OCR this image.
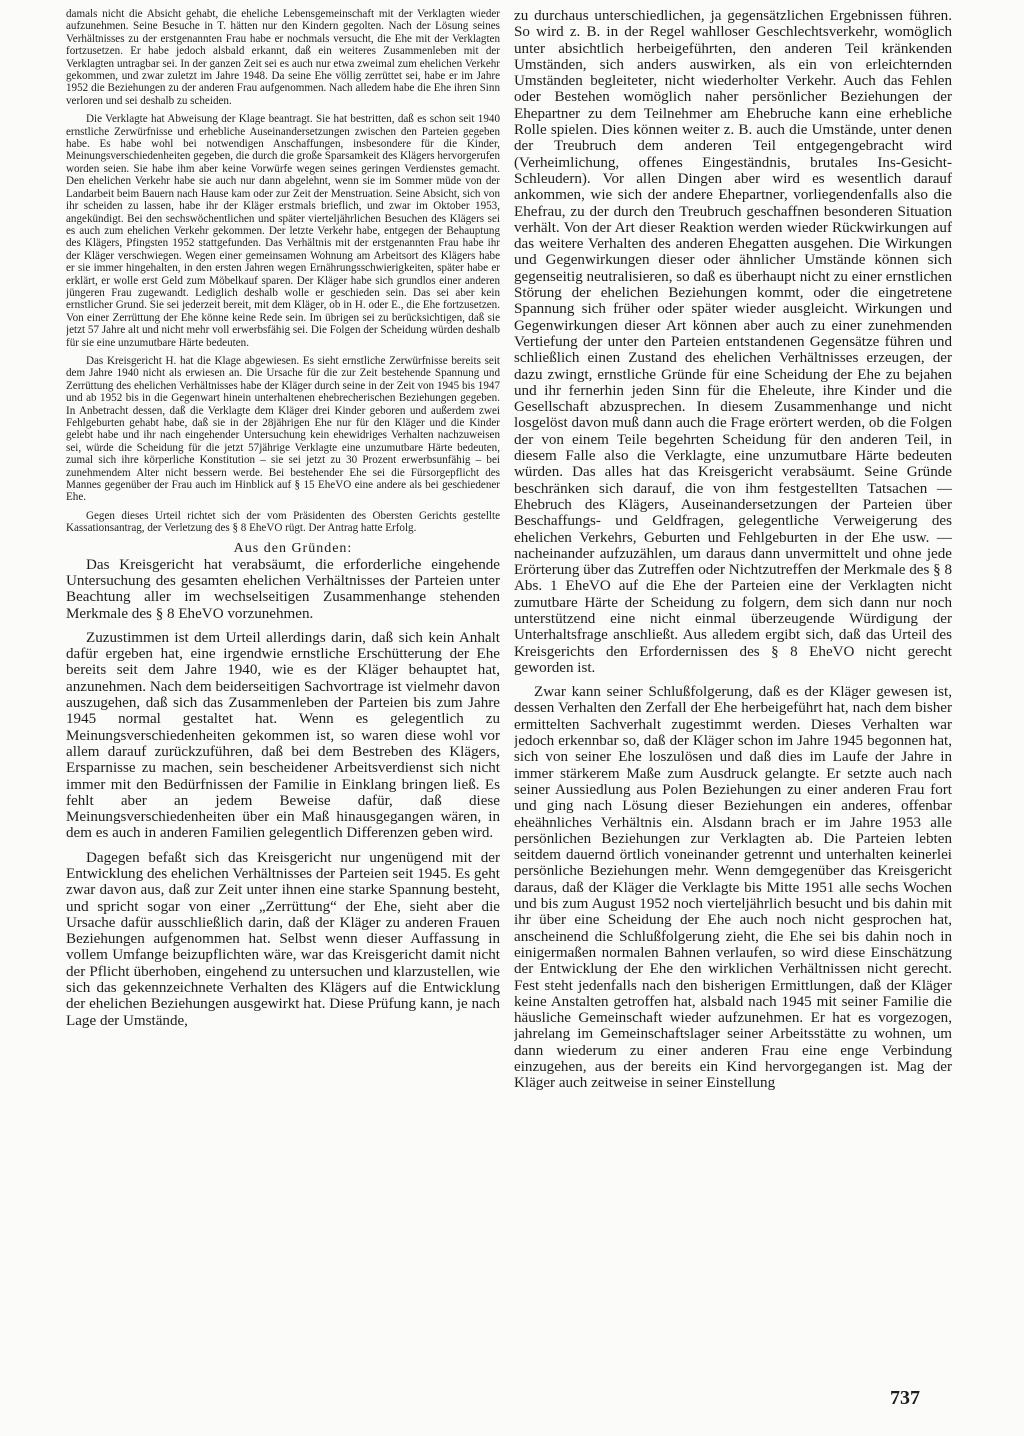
damals nicht die Absicht gehabt, die eheliche Lebensgemeinschaft mit der Verklagten wieder aufzunehmen. Seine Besuche in T. hätten nur den Kindern gegolten. Nach der Lösung seines Verhältnisses zu der erstgenannten Frau habe er nochmals versucht, die Ehe mit der Verklagten fortzusetzen. Er habe jedoch alsbald erkannt, daß ein weiteres Zusammenleben mit der Verklagten untragbar sei. In der ganzen Zeit sei es auch nur etwa zweimal zum ehelichen Verkehr gekommen, und zwar zuletzt im Jahre 1948. Da seine Ehe völlig zerrüttet sei, habe er im Jahre 1952 die Beziehungen zu der anderen Frau aufgenommen. Nach alledem habe die Ehe ihren Sinn verloren und sei deshalb zu scheiden.

Die Verklagte hat Abweisung der Klage beantragt. Sie hat bestritten, daß es schon seit 1940 ernstliche Zerwürfnisse und erhebliche Auseinandersetzungen zwischen den Parteien gegeben habe. Es habe wohl bei notwendigen Anschaffungen, insbesondere für die Kinder, Meinungsverschiedenheiten gegeben, die durch die große Sparsamkeit des Klägers hervorgerufen worden seien. Sie habe ihm aber keine Vorwürfe wegen seines geringen Verdienstes gemacht. Den ehelichen Verkehr habe sie auch nur dann abgelehnt, wenn sie im Sommer müde von der Landarbeit beim Bauern nach Hause kam oder zur Zeit der Menstruation. Seine Absicht, sich von ihr scheiden zu lassen, habe ihr der Kläger erstmals brieflich, und zwar im Oktober 1953, angekündigt. Bei den sechswöchentlichen und später vierteljährlichen Besuchen des Klägers sei es auch zum ehelichen Verkehr gekommen. Der letzte Verkehr habe, entgegen der Behauptung des Klägers, Pfingsten 1952 stattgefunden. Das Verhältnis mit der erstgenannten Frau habe ihr der Kläger verschwiegen. Wegen einer gemeinsamen Wohnung am Arbeitsort des Klägers habe er sie immer hingehalten, in den ersten Jahren wegen Ernährungsschwierigkeiten, später habe er erklärt, er wolle erst Geld zum Möbelkauf sparen. Der Kläger habe sich grundlos einer anderen jüngeren Frau zugewandt. Lediglich deshalb wolle er geschieden sein. Das sei aber kein ernstlicher Grund. Sie sei jederzeit bereit, mit dem Kläger, ob in H. oder E., die Ehe fortzusetzen. Von einer Zerrüttung der Ehe könne keine Rede sein. Im übrigen sei zu berücksichtigen, daß sie jetzt 57 Jahre alt und nicht mehr voll erwerbsfähig sei. Die Folgen der Scheidung würden deshalb für sie eine unzumutbare Härte bedeuten.

Das Kreisgericht H. hat die Klage abgewiesen. Es sieht ernstliche Zerwürfnisse bereits seit dem Jahre 1940 nicht als erwiesen an. Die Ursache für die zur Zeit bestehende Spannung und Zerrüttung des ehelichen Verhältnisses habe der Kläger durch seine in der Zeit von 1945 bis 1947 und ab 1952 bis in die Gegenwart hinein unterhaltenen ehebrecherischen Beziehungen gegeben. In Anbetracht dessen, daß die Verklagte dem Kläger drei Kinder geboren und außerdem zwei Fehlgeburten gehabt habe, daß sie in der 28jährigen Ehe nur für den Kläger und die Kinder gelebt habe und ihr nach eingehender Untersuchung kein ehewidriges Verhalten nachzuweisen sei, würde die Scheidung für die jetzt 57jährige Verklagte eine unzumutbare Härte bedeuten, zumal sich ihre körperliche Konstitution – sie sei jetzt zu 30 Prozent erwerbsunfähig – bei zunehmendem Alter nicht bessern werde. Bei bestehender Ehe sei die Fürsorgepflicht des Mannes gegenüber der Frau auch im Hinblick auf § 15 EheVO eine andere als bei geschiedener Ehe.

Gegen dieses Urteil richtet sich der vom Präsidenten des Obersten Gerichts gestellte Kassationsantrag, der Verletzung des § 8 EheVO rügt. Der Antrag hatte Erfolg.

Aus den Gründen:

Das Kreisgericht hat verabsäumt, die erforderliche eingehende Untersuchung des gesamten ehelichen Verhältnisses der Parteien unter Beachtung aller im wechselseitigen Zusammenhange stehenden Merkmale des § 8 EheVO vorzunehmen.

Zuzustimmen ist dem Urteil allerdings darin, daß sich kein Anhalt dafür ergeben hat, eine irgendwie ernstliche Erschütterung der Ehe bereits seit dem Jahre 1940, wie es der Kläger behauptet hat, anzunehmen. Nach dem beiderseitigen Sachvortrage ist vielmehr davon auszugehen, daß sich das Zusammenleben der Parteien bis zum Jahre 1945 normal gestaltet hat. Wenn es gelegentlich zu Meinungsverschiedenheiten gekommen ist, so waren diese wohl vor allem darauf zurückzuführen, daß bei dem Bestreben des Klägers, Ersparnisse zu machen, sein bescheidener Arbeitsverdienst sich nicht immer mit den Bedürfnissen der Familie in Einklang bringen ließ. Es fehlt aber an jedem Beweise dafür, daß diese Meinungsverschiedenheiten über ein Maß hinausgegangen wären, in dem es auch in anderen Familien gelegentlich Differenzen geben wird.

Dagegen befaßt sich das Kreisgericht nur ungenügend mit der Entwicklung des ehelichen Verhältnisses der Parteien seit 1945. Es geht zwar davon aus, daß zur Zeit unter ihnen eine starke Spannung besteht, und spricht sogar von einer „Zerrüttung“ der Ehe, sieht aber die Ursache dafür ausschließlich darin, daß der Kläger zu anderen Frauen Beziehungen aufgenommen hat. Selbst wenn dieser Auffassung in vollem Umfange beizupflichten wäre, war das Kreisgericht damit nicht der Pflicht überhoben, eingehend zu untersuchen und klarzustellen, wie sich das gekennzeichnete Verhalten des Klägers auf die Entwicklung der ehelichen Beziehungen ausgewirkt hat. Diese Prüfung kann, je nach Lage der Umstände,

zu durchaus unterschiedlichen, ja gegensätzlichen Ergebnissen führen. So wird z. B. in der Regel wahlloser Geschlechtsverkehr, womöglich unter absichtlich herbeigeführten, den anderen Teil kränkenden Umständen, sich anders auswirken, als ein von erleichternden Umständen begleiteter, nicht wiederholter Verkehr. Auch das Fehlen oder Bestehen womöglich naher persönlicher Beziehungen der Ehepartner zu dem Teilnehmer am Ehebruche kann eine erhebliche Rolle spielen. Dies können weiter z. B. auch die Umstände, unter denen der Treubruch dem anderen Teil entgegengebracht wird (Verheimlichung, offenes Eingeständnis, brutales Ins-Gesicht-Schleudern). Vor allen Dingen aber wird es wesentlich darauf ankommen, wie sich der andere Ehepartner, vorliegendenfalls also die Ehefrau, zu der durch den Treubruch geschaffnen besonderen Situation verhält. Von der Art dieser Reaktion werden wieder Rückwirkungen auf das weitere Verhalten des anderen Ehegatten ausgehen. Die Wirkungen und Gegenwirkungen dieser oder ähnlicher Umstände können sich gegenseitig neutralisieren, so daß es überhaupt nicht zu einer ernstlichen Störung der ehelichen Beziehungen kommt, oder die eingetretene Spannung sich früher oder später wieder ausgleicht. Wirkungen und Gegenwirkungen dieser Art können aber auch zu einer zunehmenden Vertiefung der unter den Parteien entstandenen Gegensätze führen und schließlich einen Zustand des ehelichen Verhältnisses erzeugen, der dazu zwingt, ernstliche Gründe für eine Scheidung der Ehe zu bejahen und ihr fernerhin jeden Sinn für die Eheleute, ihre Kinder und die Gesellschaft abzusprechen. In diesem Zusammenhange und nicht losgelöst davon muß dann auch die Frage erörtert werden, ob die Folgen der von einem Teile begehrten Scheidung für den anderen Teil, in diesem Falle also die Verklagte, eine unzumutbare Härte bedeuten würden. Das alles hat das Kreisgericht verabsäumt. Seine Gründe beschränken sich darauf, die von ihm festgestellten Tatsachen — Ehebruch des Klägers, Auseinandersetzungen der Parteien über Beschaffungs- und Geldfragen, gelegentliche Verweigerung des ehelichen Verkehrs, Geburten und Fehlgeburten in der Ehe usw. — nacheinander aufzuzählen, um daraus dann unvermittelt und ohne jede Erörterung über das Zutreffen oder Nichtzutreffen der Merkmale des § 8 Abs. 1 EheVO auf die Ehe der Parteien eine der Verklagten nicht zumutbare Härte der Scheidung zu folgern, dem sich dann nur noch unterstützend eine nicht einmal überzeugende Würdigung der Unterhaltsfrage anschließt. Aus alledem ergibt sich, daß das Urteil des Kreisgerichts den Erfordernissen des § 8 EheVO nicht gerecht geworden ist.

Zwar kann seiner Schlußfolgerung, daß es der Kläger gewesen ist, dessen Verhalten den Zerfall der Ehe herbeigeführt hat, nach dem bisher ermittelten Sachverhalt zugestimmt werden. Dieses Verhalten war jedoch erkennbar so, daß der Kläger schon im Jahre 1945 begonnen hat, sich von seiner Ehe loszulösen und daß dies im Laufe der Jahre in immer stärkerem Maße zum Ausdruck gelangte. Er setzte auch nach seiner Aussiedlung aus Polen Beziehungen zu einer anderen Frau fort und ging nach Lösung dieser Beziehungen ein anderes, offenbar eheähnliches Verhältnis ein. Alsdann brach er im Jahre 1953 alle persönlichen Beziehungen zur Verklagten ab. Die Parteien lebten seitdem dauernd örtlich voneinander getrennt und unterhalten keinerlei persönliche Beziehungen mehr. Wenn demgegenüber das Kreisgericht daraus, daß der Kläger die Verklagte bis Mitte 1951 alle sechs Wochen und bis zum August 1952 noch vierteljährlich besucht und bis dahin mit ihr über eine Scheidung der Ehe auch noch nicht gesprochen hat, anscheinend die Schlußfolgerung zieht, die Ehe sei bis dahin noch in einigermaßen normalen Bahnen verlaufen, so wird diese Einschätzung der Entwicklung der Ehe den wirklichen Verhältnissen nicht gerecht. Fest steht jedenfalls nach den bisherigen Ermittlungen, daß der Kläger keine Anstalten getroffen hat, alsbald nach 1945 mit seiner Familie die häusliche Gemeinschaft wieder aufzunehmen. Er hat es vorgezogen, jahrelang im Gemeinschaftslager seiner Arbeitsstätte zu wohnen, um dann wiederum zu einer anderen Frau eine enge Verbindung einzugehen, aus der bereits ein Kind hervorgegangen ist. Mag der Kläger auch zeitweise in seiner Einstellung

737
